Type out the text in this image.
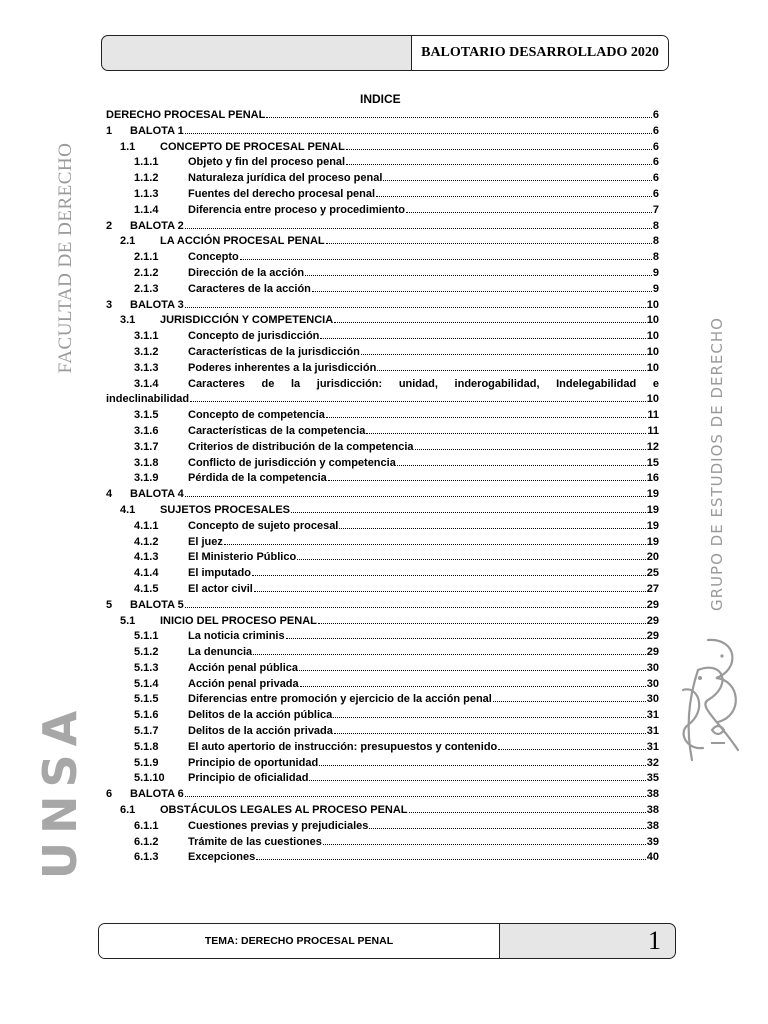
BALOTARIO DESARROLLADO 2020
FACULTAD DE DERECHO
UNSA
GRUPO DE ESTUDIOS DE DERECHO
INDICE
DERECHO PROCESAL PENAL	6
1	BALOTA 1	6
1.1	CONCEPTO DE PROCESAL PENAL	6
1.1.1	Objeto y fin del proceso penal	6
1.1.2	Naturaleza jurídica del proceso penal	6
1.1.3	Fuentes del derecho procesal penal	6
1.1.4	Diferencia entre proceso y procedimiento	7
2	BALOTA 2	8
2.1	LA ACCIÓN PROCESAL PENAL	8
2.1.1	Concepto	8
2.1.2	Dirección de la acción	9
2.1.3	Caracteres de la acción	9
3	BALOTA 3	10
3.1	JURISDICCIÓN Y COMPETENCIA	10
3.1.1	Concepto de jurisdicción	10
3.1.2	Características de la jurisdicción	10
3.1.3	Poderes inherentes a la jurisdicción	10
3.1.4	Caracteres de la jurisdicción: unidad, inderogabilidad, Indelegabilidad e
indeclinabilidad	10
3.1.5	Concepto de competencia	11
3.1.6	Características de la competencia	11
3.1.7	Criterios de distribución de la competencia	12
3.1.8	Conflicto de jurisdicción y competencia	15
3.1.9	Pérdida de la competencia	16
4	BALOTA 4	19
4.1	SUJETOS PROCESALES	19
4.1.1	Concepto de sujeto procesal	19
4.1.2	El juez	19
4.1.3	El Ministerio Público	20
4.1.4	El imputado	25
4.1.5	El actor civil	27
5	BALOTA 5	29
5.1	INICIO DEL PROCESO PENAL	29
5.1.1	La noticia criminis	29
5.1.2	La denuncia	29
5.1.3	Acción penal pública	30
5.1.4	Acción penal privada	30
5.1.5	Diferencias entre promoción y ejercicio de la acción penal	30
5.1.6	Delitos de la acción pública	31
5.1.7	Delitos de la acción privada	31
5.1.8	El auto apertorio de instrucción: presupuestos y contenido	31
5.1.9	Principio de oportunidad	32
5.1.10	Principio de oficialidad	35
6	BALOTA 6	38
6.1	OBSTÁCULOS LEGALES AL PROCESO PENAL	38
6.1.1	Cuestiones previas y prejudiciales	38
6.1.2	Trámite de las cuestiones	39
6.1.3	Excepciones	40
TEMA: DERECHO PROCESAL PENAL	1
